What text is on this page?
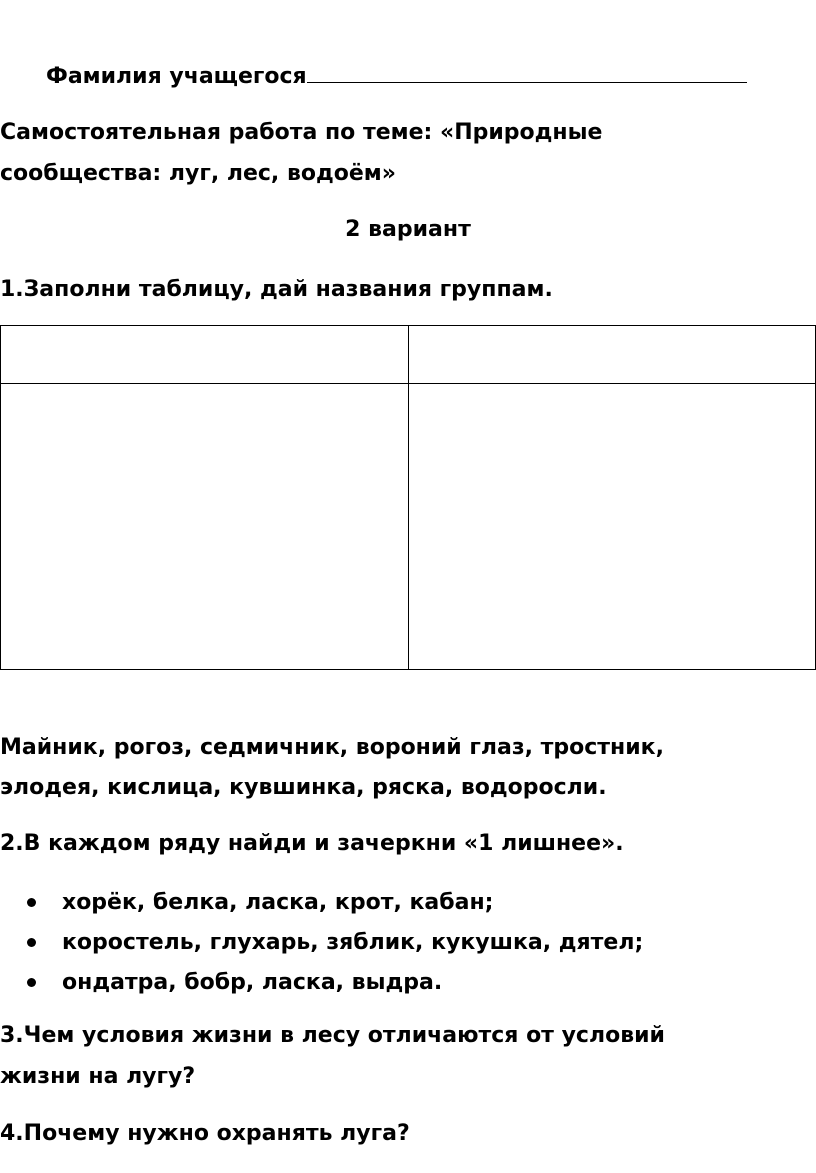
Фамилия учащегося
Самостоятельная работа по теме: «Природные
сообщества: луг, лес, водоём»
2 вариант
1.Заполни таблицу, дай названия группам.

Майник, рогоз, седмичник, вороний глаз, тростник,
элодея, кислица, кувшинка, ряска, водоросли.
2.В каждом ряду найди и зачеркни «1 лишнее».
хорёк, белка, ласка, крот, кабан;
коростель, глухарь, зяблик, кукушка, дятел;
ондатра, бобр, ласка, выдра.
3.Чем условия жизни в лесу отличаются от условий
жизни на лугу?
4.Почему нужно охранять луга?
